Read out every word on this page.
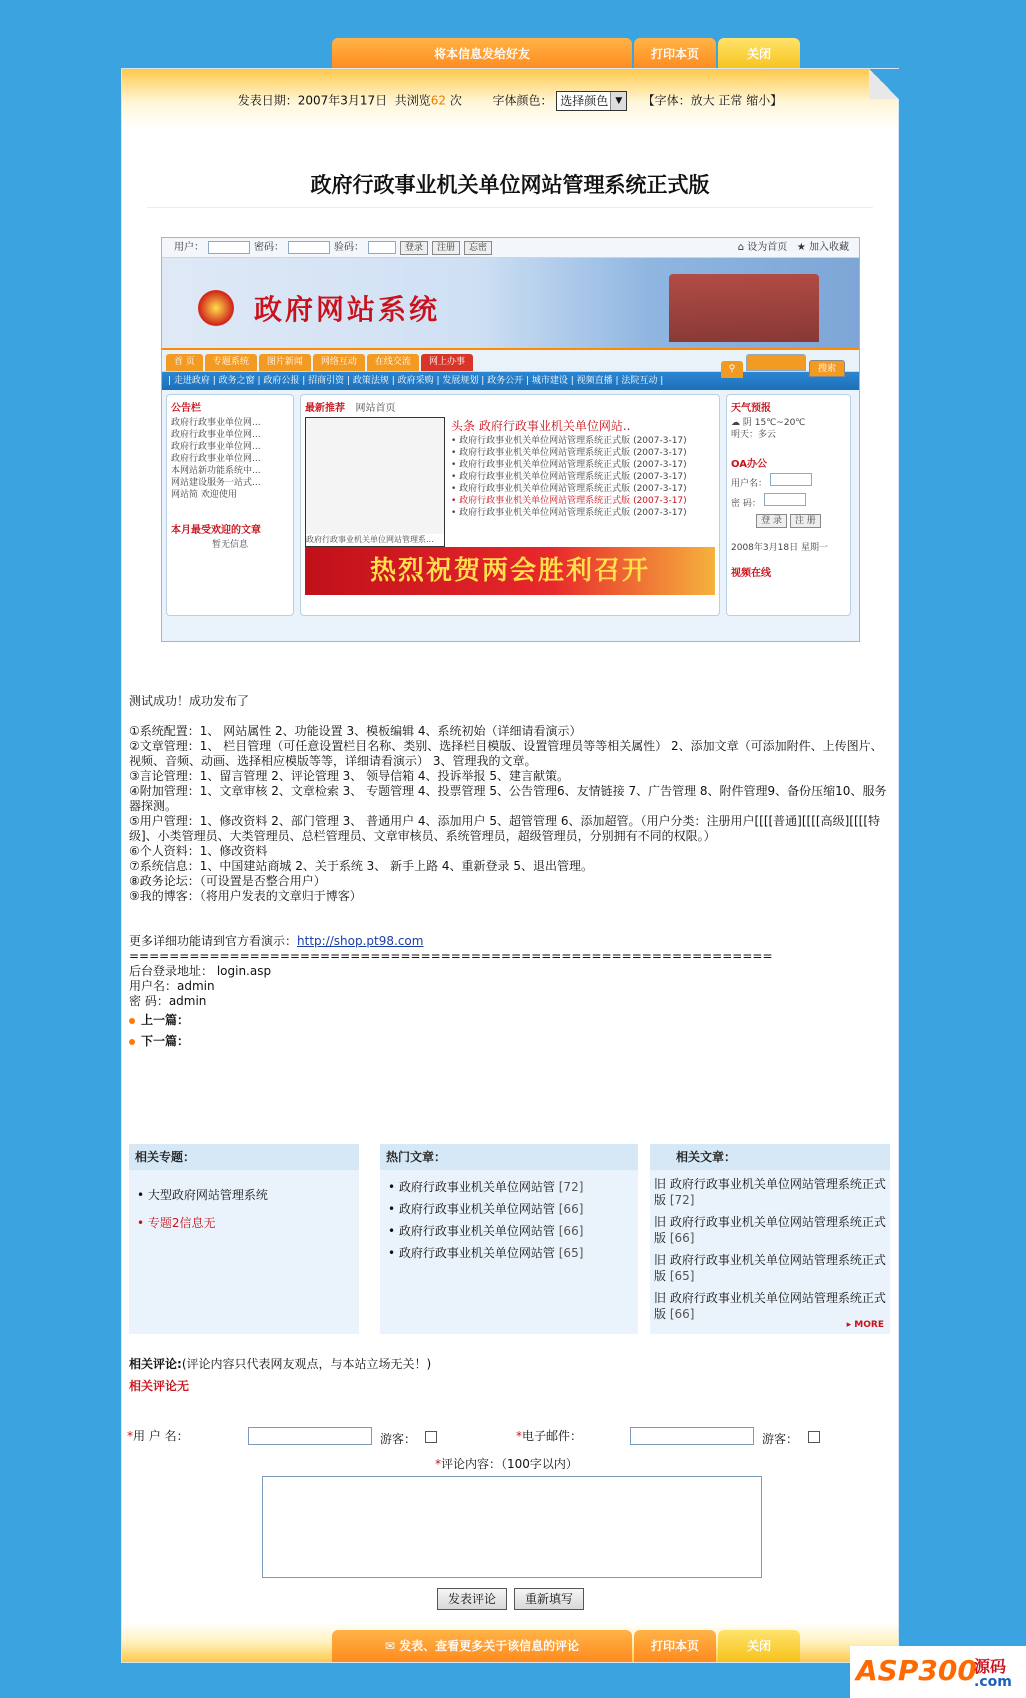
将本信息发给好友	打印本页	关闭
发表日期：2007年3月17日 共浏览62 次	字体颜色： 选择颜色 ▼	【字体：放大 正常 缩小】
政府行政事业机关单位网站管理系统正式版
用户：	密码：	验码：	登录	注册	忘密	⌂ 设为首页 ★ 加入收藏
政府网站系统
首 页	专题系统	图片新闻	网络互动	在线交流	网上办事
⚲	搜索
| 走进政府 | 政务之窗 | 政府公报 | 招商引资 | 政策法规 | 政府采购 | 发展规划 | 政务公开 | 城市建设 | 视频直播 | 法院互动 |
公告栏
政府行政事业单位网...
政府行政事业单位网...
政府行政事业单位网...
政府行政事业单位网...
本网站新功能系统中...
网站建设服务一站式...
网站简 欢迎使用
本月最受欢迎的文章
暂无信息
最新推荐 网站首页
政府行政事业机关单位网站管理系...
头条 政府行政事业机关单位网站..
• 政府行政事业机关单位网站管理系统正式版 (2007-3-17)
• 政府行政事业机关单位网站管理系统正式版 (2007-3-17)
• 政府行政事业机关单位网站管理系统正式版 (2007-3-17)
• 政府行政事业机关单位网站管理系统正式版 (2007-3-17)
• 政府行政事业机关单位网站管理系统正式版 (2007-3-17)
• 政府行政事业机关单位网站管理系统正式版 (2007-3-17)
• 政府行政事业机关单位网站管理系统正式版 (2007-3-17)
热烈祝贺两会胜利召开
天气预报
☁ 阴 15℃~20℃
明天：多云
OA办公
用户名：
密 码：
登 录 注 册
2008年3月18日 星期一
视频在线

测试成功！成功发布了

①系统配置：1、 网站属性 2、功能设置 3、模板编辑 4、系统初始（详细请看演示）

②文章管理：1、 栏目管理（可任意设置栏目名称、类别、选择栏目模版、设置管理员等等相关属性） 2、添加文章（可添加附件、上传图片、视频、音频、动画、选择相应模版等等，详细请看演示） 3、管理我的文章。

③言论管理：1、留言管理 2、评论管理 3、 领导信箱 4、投诉举报 5、建言献策。

④附加管理：1、文章审核 2、文章检索 3、 专题管理 4、投票管理 5、公告管理6、友情链接 7、广告管理 8、附件管理9、备份压缩10、服务器探测。

⑤用户管理：1、修改资料 2、部门管理 3、 普通用户 4、添加用户 5、超管管理 6、添加超管。（用户分类：注册用户[[[[普通][[[[高级][[[[特级]、小类管理员、大类管理员、总栏管理员、文章审核员、系统管理员，超级管理员，分别拥有不同的权限。）

⑥个人资料：1、修改资料

⑦系统信息：1、中国建站商城 2、关于系统 3、 新手上路 4、重新登录 5、退出管理。

⑧政务论坛：（可设置是否整合用户）

⑨我的博客：（将用户发表的文章归于博客）

更多详细功能请到官方看演示：http://shop.pt98.com

================================================================

后台登录地址： login.asp

用户名：admin

密 码：admin

上一篇：
下一篇：
相关专题：
• 大型政府网站管理系统
• 专题2信息无
热门文章：
• 政府行政事业机关单位网站管 [72]
• 政府行政事业机关单位网站管 [66]
• 政府行政事业机关单位网站管 [66]
• 政府行政事业机关单位网站管 [65]
相关文章：
旧 政府行政事业机关单位网站管理系统正式版 [72]
旧 政府行政事业机关单位网站管理系统正式版 [66]
旧 政府行政事业机关单位网站管理系统正式版 [65]
旧 政府行政事业机关单位网站管理系统正式版 [66]
▸ MORE
相关评论:(评论内容只代表网友观点，与本站立场无关！)
相关评论无
*用 户 名：	游客：	*电子邮件：	游客：
*评论内容：（100字以内）
发表评论	重新填写
✉ 发表、查看更多关于该信息的评论	打印本页	关闭
ASP300
源码
.com
